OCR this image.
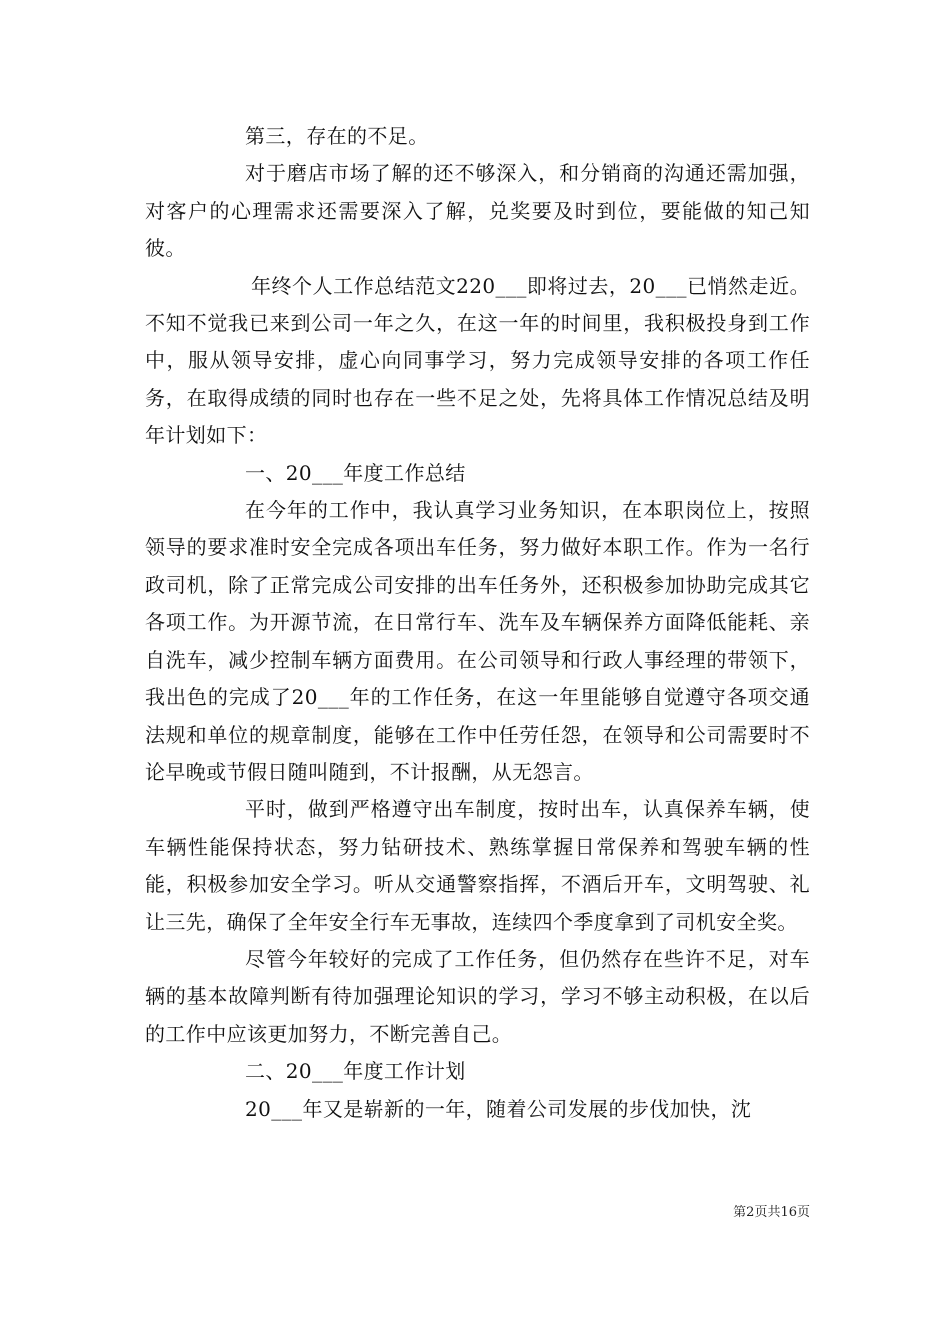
第三，存在的不足。

对于磨店市场了解的还不够深入，和分销商的沟通还需加强，对客户的心理需求还需要深入了解，兑奖要及时到位，要能做的知己知彼。

年终个人工作总结范文220___即将过去，20___已悄然走近。不知不觉我已来到公司一年之久，在这一年的时间里，我积极投身到工作中，服从领导安排，虚心向同事学习，努力完成领导安排的各项工作任务，在取得成绩的同时也存在一些不足之处，先将具体工作情况总结及明年计划如下：

一、20___年度工作总结

在今年的工作中，我认真学习业务知识，在本职岗位上，按照领导的要求准时安全完成各项出车任务，努力做好本职工作。作为一名行政司机，除了正常完成公司安排的出车任务外，还积极参加协助完成其它各项工作。为开源节流，在日常行车、洗车及车辆保养方面降低能耗、亲自洗车，减少控制车辆方面费用。在公司领导和行政人事经理的带领下，我出色的完成了20___年的工作任务，在这一年里能够自觉遵守各项交通法规和单位的规章制度，能够在工作中任劳任怨，在领导和公司需要时不论早晚或节假日随叫随到，不计报酬，从无怨言。

平时，做到严格遵守出车制度，按时出车，认真保养车辆，使车辆性能保持状态，努力钻研技术、熟练掌握日常保养和驾驶车辆的性能，积极参加安全学习。听从交通警察指挥，不酒后开车，文明驾驶、礼让三先，确保了全年安全行车无事故，连续四个季度拿到了司机安全奖。

尽管今年较好的完成了工作任务，但仍然存在些许不足，对车辆的基本故障判断有待加强理论知识的学习，学习不够主动积极，在以后的工作中应该更加努力，不断完善自己。

二、20___年度工作计划

20___年又是崭新的一年，随着公司发展的步伐加快，沈

第2页共16页
